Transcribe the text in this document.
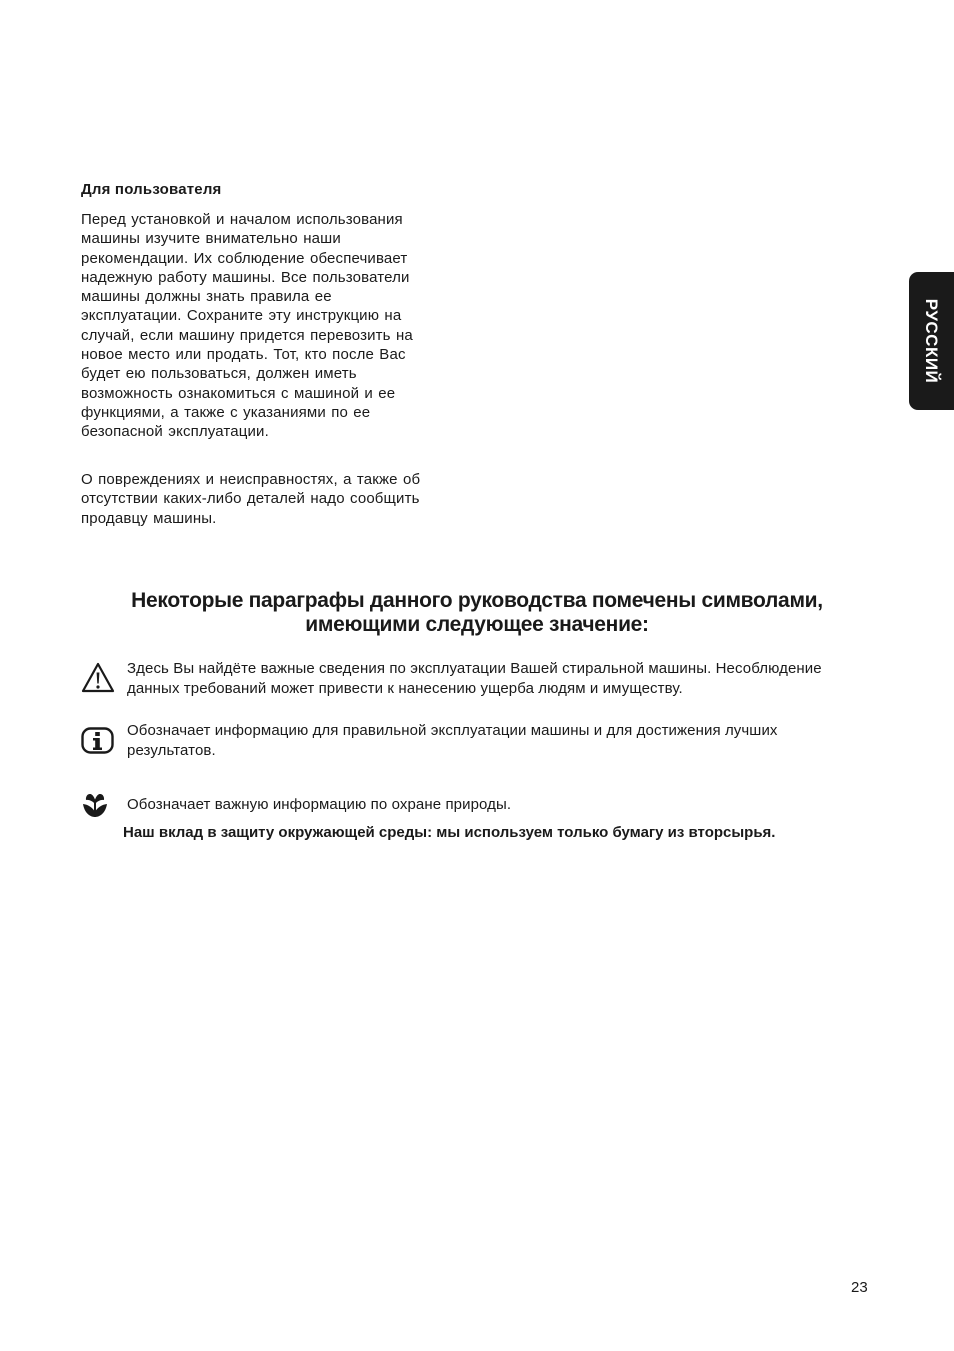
Для пользователя
Перед установкой и началом использования
машины изучите внимательно наши
рекомендации. Их соблюдение обеспечивает
надежную работу машины. Все пользователи
машины должны знать правила ее
эксплуатации. Сохраните эту инструкцию на
случай, если машину придется перевозить на
новое место или продать. Тот, кто после Вас
будет ею пользоваться, должен иметь
возможность ознакомиться с машиной и ее
функциями, а также с указаниями по ее
безопасной эксплуатации.
О повреждениях и неисправностях, а также об
отсутствии каких-либо деталей надо сообщить
продавцу машины.
РУССКИЙ
Некоторые параграфы данного руководства помечены символами,
имеющими следующее значение:
Здесь Вы найдёте важные сведения по эксплуатации Вашей стиральной машины. Несоблюдение
данных требований может привести к нанесению ущерба людям и имуществу.
Обозначает информацию для правильной эксплуатации машины и для достижения лучших
результатов.
Обозначает важную информацию по охране природы.
Наш вклад в защиту окружающей среды: мы используем только бумагу из вторсырья.
23
